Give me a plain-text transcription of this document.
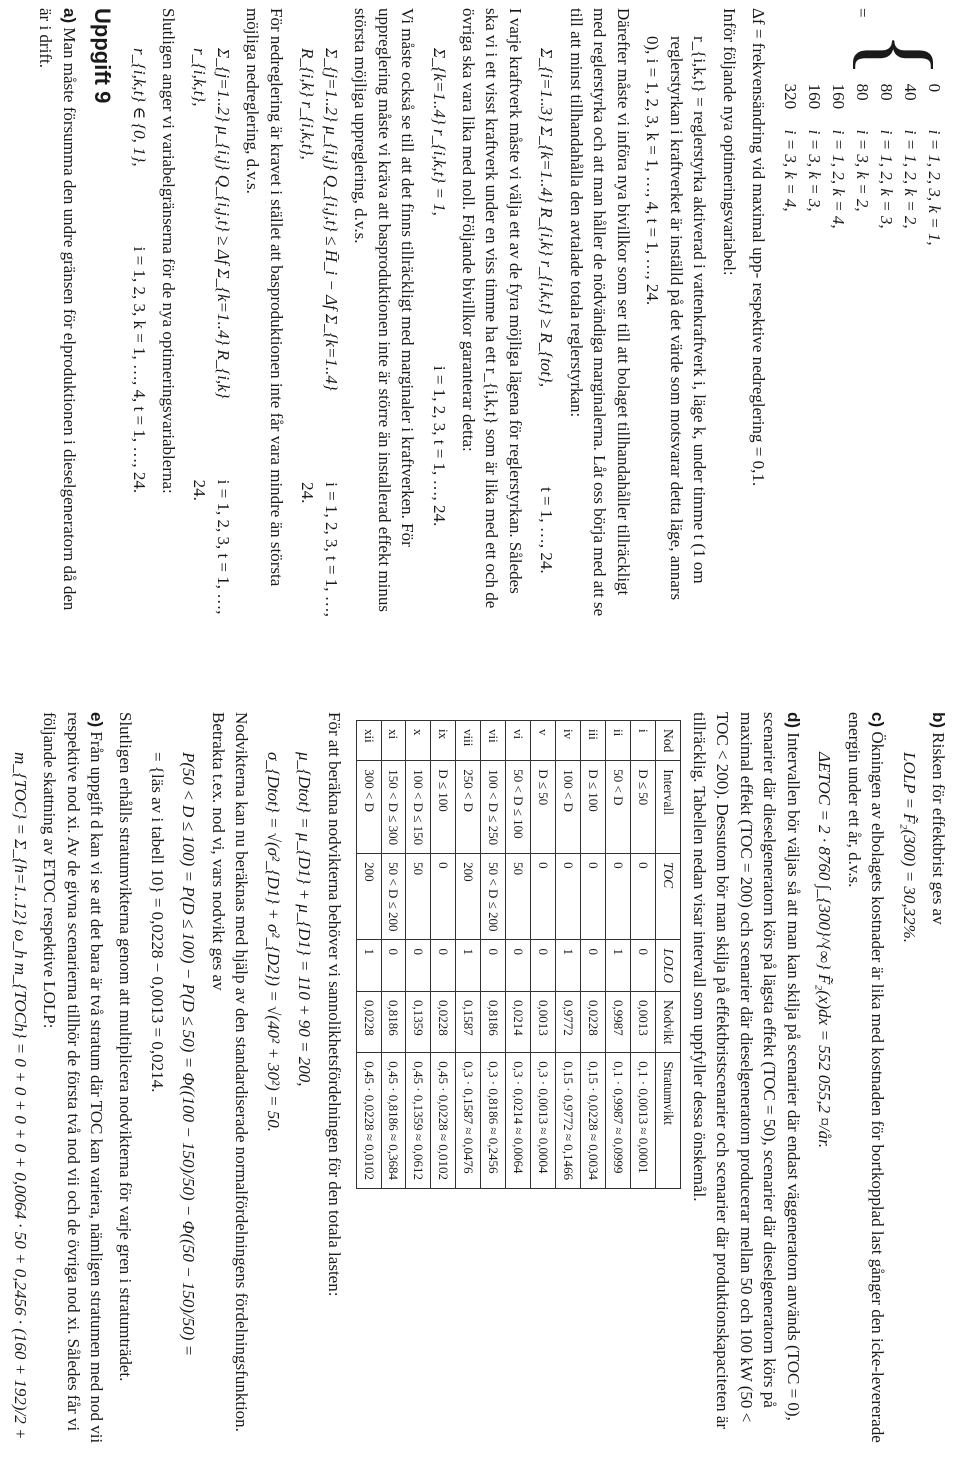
=
{
0i = 1, 2, 3, k = 1,
40i = 1, 2, k = 2,
80i = 1, 2, k = 3,
80i = 3, k = 2,
160i = 1, 2, k = 4,
160i = 3, k = 3,
320i = 3, k = 4,

Δf = frekvensändring vid maximal upp- respektive nedreglering = 0,1.

Inför följande nya optimeringsvariabel:

r_{i,k,t} = reglerstyrka aktiverad i vattenkraftverk i, läge k, under timme t (1 om reglerstyrkan i kraftverket är inställd på det värde som motsvarar detta läge, annars 0), i = 1, 2, 3, k = 1, …, 4, t = 1, …, 24.

Därefter måste vi införa nya bivillkor som ser till att bolaget tillhandahåller tillräckligt med reglerstyrka och att man håller de nödvändiga marginalerna. Låt oss börja med att se till att minst tillhandahålla den avtalade totala reglerstyrkan:

Σ_{i=1..3} Σ_{k=1..4} R_{i,k} r_{i,k,t} ≥ R_{tot},
t = 1, …, 24.

I varje kraftverk måste vi välja ett av de fyra möjliga lägena för reglerstyrkan. Således ska vi i ett visst kraftverk under en viss timme ha ett r_{i,k,t} som är lika med ett och de övriga ska vara lika med noll. Följande bivillkor garanterar detta:

Σ_{k=1..4} r_{i,k,t} = 1,
i = 1, 2, 3, t = 1, …, 24.

Vi måste också se till att det finns tillräckligt med marginaler i kraftverken. För uppreglering måste vi kräva att basproduktionen inte är större än installerad effekt minus största möjliga uppreglering, d.v.s.

Σ_{j=1..2} μ_{i,j} Q_{i,j,t} ≤ H̄_i − Δf Σ_{k=1..4} R_{i,k} r_{i,k,t},
i = 1, 2, 3, t = 1, …, 24.

För nedreglering är kravet i stället att basproduktionen inte får vara mindre än största möjliga nedreglering, d.v.s.

Σ_{j=1..2} μ_{i,j} Q_{i,j,t} ≥ Δf Σ_{k=1..4} R_{i,k} r_{i,k,t},
i = 1, 2, 3, t = 1, …, 24.

Slutligen anger vi variabelgränserna för de nya optimeringsvariablerna:

r_{i,k,t} ∈ {0, 1},
i = 1, 2, 3, k = 1, …, 4, t = 1, …, 24.
Uppgift 9

a) Man måste försumma den undre gränsen för elproduktionen i dieselgeneratorn då den är i drift.

b) Risken för effektbrist ges av

LOLP = F̃₂(300) = 30,32%.

c) Ökningen av elbolagets kostnader är lika med kostnaden för bortkopplad last gånger den icke-levererade energin under ett år, d.v.s.

ΔETOC = 2 · 8760 ∫_{300}^{∞} F̃₂(x)dx = 552 055,2 ¤/år.

d) Intervallen bör väljas så att man kan skilja på scenarier där endast väggeneratorn används (TOC = 0), scenarier där dieselgeneratorn körs på lägsta effekt (TOC = 50), scenarier där dieselgeneratorn körs på maximal effekt (TOC = 200) och scenarier där dieselgeneratorn producerar mellan 50 och 100 kW (50 < TOC < 200). Dessutom bör man skilja på effektbristscenarier och scenarier där produktionskapaciteten är tillräcklig. Tabellen nedan visar intervall som uppfyller dessa önskemål.

Nod	Intervall	TOC	LOLO	Nodvikt	Stratumvikt
i	D ≤ 50	0	0	0,0013	0,1 · 0,0013 ≈ 0,0001
ii	50 < D	0	1	0,9987	0,1 · 0,9987 ≈ 0,0999
iii	D ≤ 100	0	0	0,0228	0,15 · 0,0228 ≈ 0,0034
iv	100 < D	0	1	0,9772	0,15 · 0,9772 ≈ 0,1466
v	D ≤ 50	0	0	0,0013	0,3 · 0,0013 ≈ 0,0004
vi	50 < D ≤ 100	50	0	0,0214	0,3 · 0,0214 ≈ 0,0064
vii	100 < D ≤ 250	50 < D ≤ 200	0	0,8186	0,3 · 0,8186 ≈ 0,2456
viii	250 < D	200	1	0,1587	0,3 · 0,1587 ≈ 0,0476
ix	D ≤ 100	0	0	0,0228	0,45 · 0,0228 ≈ 0,0102
x	100 < D ≤ 150	50	0	0,1359	0,45 · 0,1359 ≈ 0,0612
xi	150 < D ≤ 300	50 < D ≤ 200	0	0,8186	0,45 · 0,8186 ≈ 0,3684
xii	300 < D	200	1	0,0228	0,45 · 0,0228 ≈ 0,0102

För att beräkna nodvikterna behöver vi sannolikhetsfördelningen för den totala lasten:

μ_{Dtot} = μ_{D1} + μ_{D1} = 110 + 90 = 200,
σ_{Dtot} = √(σ²_{D1} + σ²_{D2}) = √(40² + 30²) = 50.

Nodvikterna kan nu beräknas med hjälp av den standardiserade normalfördelningens fördelningsfunktion. Betrakta t.ex. nod vi, vars nodvikt ges av

P(50 < D ≤ 100) = P(D ≤ 100) − P(D ≤ 50) = Φ((100 − 150)/50) − Φ((50 − 150)/50) =
= {läs av i tabell 10} = 0,0228 − 0,0013 = 0,0214.

Slutligen erhålls stratumvikterna genom att multiplicera nodvikterna för varje gren i stratumträdet.

e) Från uppgift d kan vi se att det bara är två stratum där TOC kan variera, nämligen stratumen med nod vii respektive nod xi. Av de givna scenarierna tillhör de första två nod vii och de övriga nod xi. Således får vi följande skattning av ETOC respektive LOLP:

m_{TOC} = Σ_{h=1..12} ω_h m_{TOCh} = 0 + 0 + 0 + 0 + 0,0064 · 50 + 0,2456 · (160 + 192)/2 +
